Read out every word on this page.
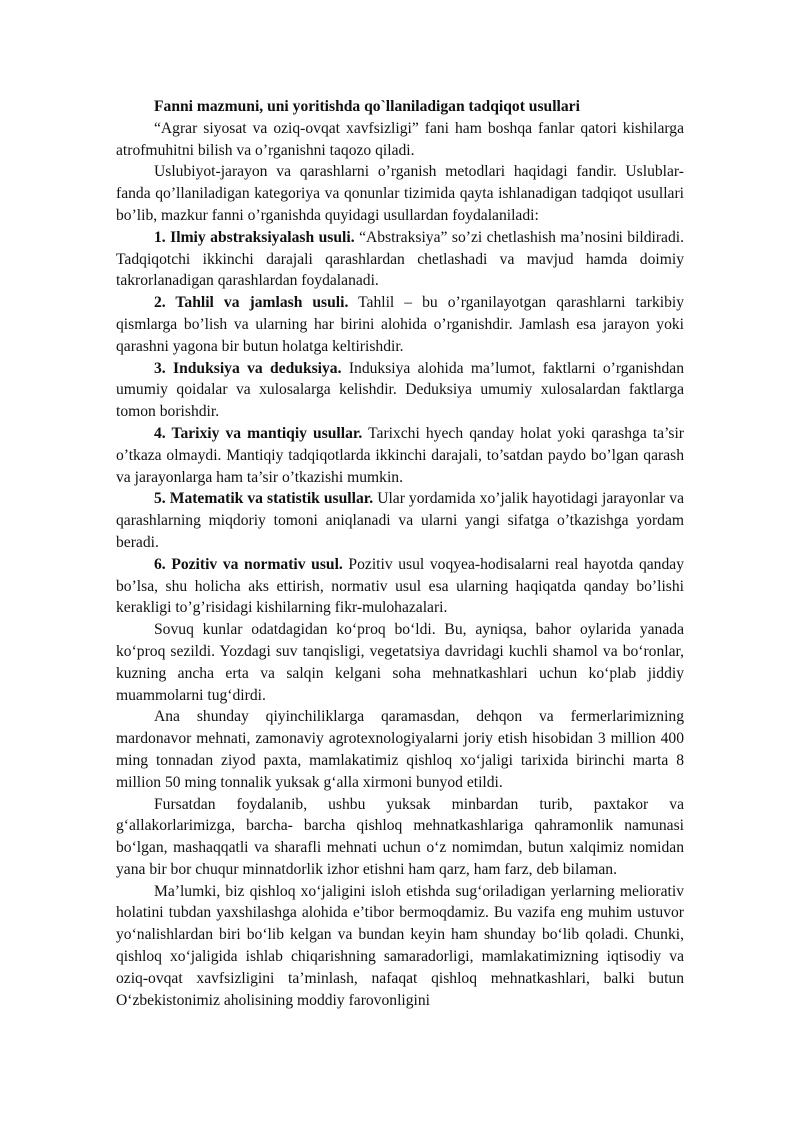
Fanni mazmuni, uni yoritishda qo`llaniladigan tadqiqot usullari

“Agrar siyosat va oziq-ovqat xavfsizligi” fani ham boshqa fanlar qatori kishilarga atrofmuhitni bilish va o’rganishni taqozo qiladi.

Uslubiyot-jarayon va qarashlarni o’rganish metodlari haqidagi fandir. Uslublar-fanda qo’llaniladigan kategoriya va qonunlar tizimida qayta ishlanadigan tadqiqot usullari bo’lib, mazkur fanni o’rganishda quyidagi usullardan foydalaniladi:

1. Ilmiy abstraksiyalash usuli. “Abstraksiya” so’zi chetlashish ma’nosini bildiradi. Tadqiqotchi ikkinchi darajali qarashlardan chetlashadi va mavjud hamda doimiy takrorlanadigan qarashlardan foydalanadi.

2. Tahlil va jamlash usuli. Tahlil – bu o’rganilayotgan qarashlarni tarkibiy qismlarga bo’lish va ularning har birini alohida o’rganishdir. Jamlash esa jarayon yoki qarashni yagona bir butun holatga keltirishdir.

3. Induksiya va deduksiya. Induksiya alohida ma’lumot, faktlarni o’rganishdan umumiy qoidalar va xulosalarga kelishdir. Deduksiya umumiy xulosalardan faktlarga tomon borishdir.

4. Tarixiy va mantiqiy usullar. Tarixchi hyech qanday holat yoki qarashga ta’sir o’tkaza olmaydi. Mantiqiy tadqiqotlarda ikkinchi darajali, to’satdan paydo bo’lgan qarash va jarayonlarga ham ta’sir o’tkazishi mumkin.

5. Matematik va statistik usullar. Ular yordamida xo’jalik hayotidagi jarayonlar va qarashlarning miqdoriy tomoni aniqlanadi va ularni yangi sifatga o’tkazishga yordam beradi.

6. Pozitiv va normativ usul. Pozitiv usul voqyea-hodisalarni real hayotda qanday bo’lsa, shu holicha aks ettirish, normativ usul esa ularning haqiqatda qanday bo’lishi kerakligi to’g’risidagi kishilarning fikr-mulohazalari.

Sovuq kunlar odatdagidan ko‘proq bo‘ldi. Bu, ayniqsa, bahor oylarida yanada ko‘proq sezildi. Yozdagi suv tanqisligi, vegetatsiya davridagi kuchli shamol va bo‘ronlar, kuzning ancha erta va salqin kelgani soha mehnatkashlari uchun ko‘plab jiddiy muammolarni tug‘dirdi.

Ana shunday qiyinchiliklarga qaramasdan, dehqon va fermerlarimizning mardonavor mehnati, zamonaviy agrotexnologiyalarni joriy etish hisobidan 3 million 400 ming tonnadan ziyod paxta, mamlakatimiz qishloq xo‘jaligi tarixida birinchi marta 8 million 50 ming tonnalik yuksak g‘alla xirmoni bunyod etildi.

Fursatdan foydalanib, ushbu yuksak minbardan turib, paxtakor va g‘allakorlarimizga, barcha- barcha qishloq mehnatkashlariga qahramonlik namunasi bo‘lgan, mashaqqatli va sharafli mehnati uchun o‘z nomimdan, butun xalqimiz nomidan yana bir bor chuqur minnatdorlik izhor etishni ham qarz, ham farz, deb bilaman.

Ma’lumki, biz qishloq xo‘jaligini isloh etishda sug‘oriladigan yerlarning meliorativ holatini tubdan yaxshilashga alohida e’tibor bermoqdamiz. Bu vazifa eng muhim ustuvor yo‘nalishlardan biri bo‘lib kelgan va bundan keyin ham shunday bo‘lib qoladi. Chunki, qishloq xo‘jaligida ishlab chiqarishning samaradorligi, mamlakatimizning iqtisodiy va oziq-ovqat xavfsizligini ta’minlash, nafaqat qishloq mehnatkashlari, balki butun O‘zbekistonimiz aholisining moddiy farovonligini
